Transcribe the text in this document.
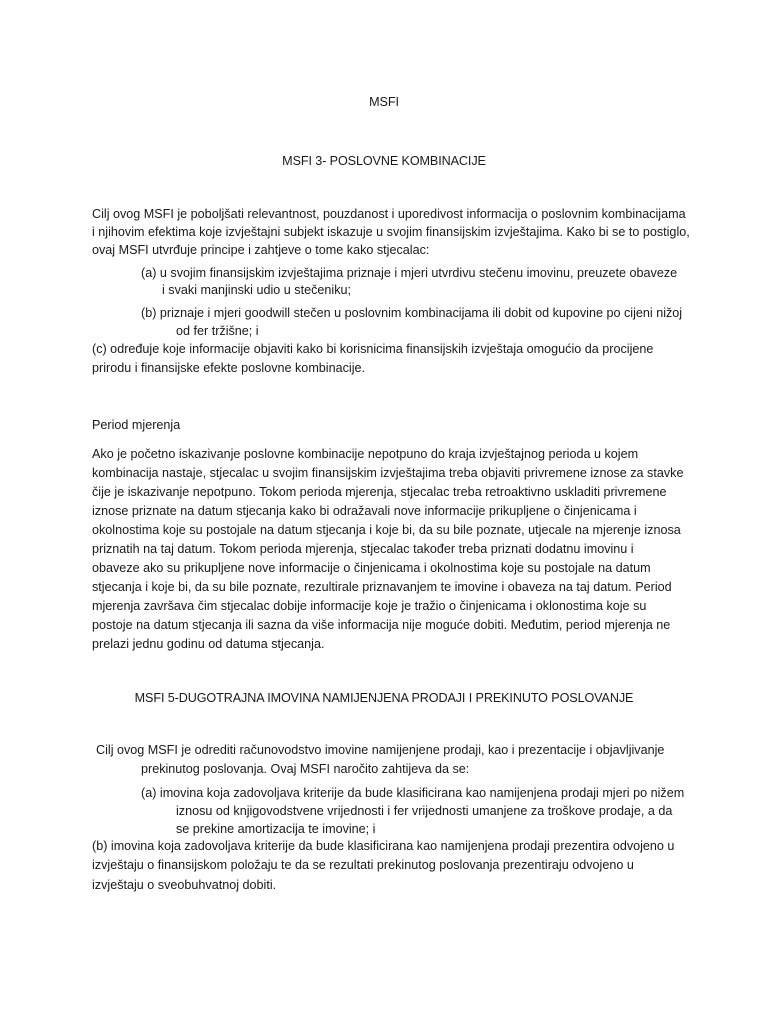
MSFI
MSFI 3- POSLOVNE KOMBINACIJE
Cilj ovog MSFI je poboljšati relevantnost, pouzdanost i uporedivost informacija o poslovnim kombinacijama
i njihovim efektima koje izvještajni subjekt iskazuje u svojim finansijskim izvještajima. Kako bi se to postiglo,
ovaj MSFI utvrđuje principe i zahtjeve o tome kako stjecalac:
(a) u svojim finansijskim izvještajima priznaje i mjeri utvrdivu stečenu imovinu, preuzete obaveze
i svaki manjinski udio u stečeniku;
(b) priznaje i mjeri goodwill stečen u poslovnim kombinacijama ili dobit od kupovine po cijeni nižoj
od fer tržišne; i
(c) određuje koje informacije objaviti kako bi korisnicima finansijskih izvještaja omogućio da procijene
prirodu i finansijske efekte poslovne kombinacije.
Period mjerenja
Ako je početno iskazivanje poslovne kombinacije nepotpuno do kraja izvještajnog perioda u kojem
kombinacija nastaje, stjecalac u svojim finansijskim izvještajima treba objaviti privremene iznose za stavke
čije je iskazivanje nepotpuno. Tokom perioda mjerenja, stjecalac treba retroaktivno uskladiti privremene
iznose priznate na datum stjecanja kako bi odražavali nove informacije prikupljene o činjenicama i
okolnostima koje su postojale na datum stjecanja i koje bi, da su bile poznate, utjecale na mjerenje iznosa
priznatih na taj datum. Tokom perioda mjerenja, stjecalac također treba priznati dodatnu imovinu i
obaveze ako su prikupljene nove informacije o činjenicama i okolnostima koje su postojale na datum
stjecanja i koje bi, da su bile poznate, rezultirale priznavanjem te imovine i obaveza na taj datum. Period
mjerenja završava čim stjecalac dobije informacije koje je tražio o činjenicama i oklonostima koje su
postoje na datum stjecanja ili sazna da više informacija nije moguće dobiti. Međutim, period mjerenja ne
prelazi jednu godinu od datuma stjecanja.
MSFI 5-DUGOTRAJNA IMOVINA NAMIJENJENA PRODAJI I PREKINUTO POSLOVANJE
Cilj ovog MSFI je odrediti računovodstvo imovine namijenjene prodaji, kao i prezentacije i objavljivanje
prekinutog poslovanja. Ovaj MSFI naročito zahtijeva da se:
(a) imovina koja zadovoljava kriterije da bude klasificirana kao namijenjena prodaji mjeri po nižem
iznosu od knjigovodstvene vrijednosti i fer vrijednosti umanjene za troškove prodaje, a da
se prekine amortizacija te imovine; i
(b) imovina koja zadovoljava kriterije da bude klasificirana kao namijenjena prodaji prezentira odvojeno u
izvještaju o finansijskom položaju te da se rezultati prekinutog poslovanja prezentiraju odvojeno u
izvještaju o sveobuhvatnoj dobiti.
